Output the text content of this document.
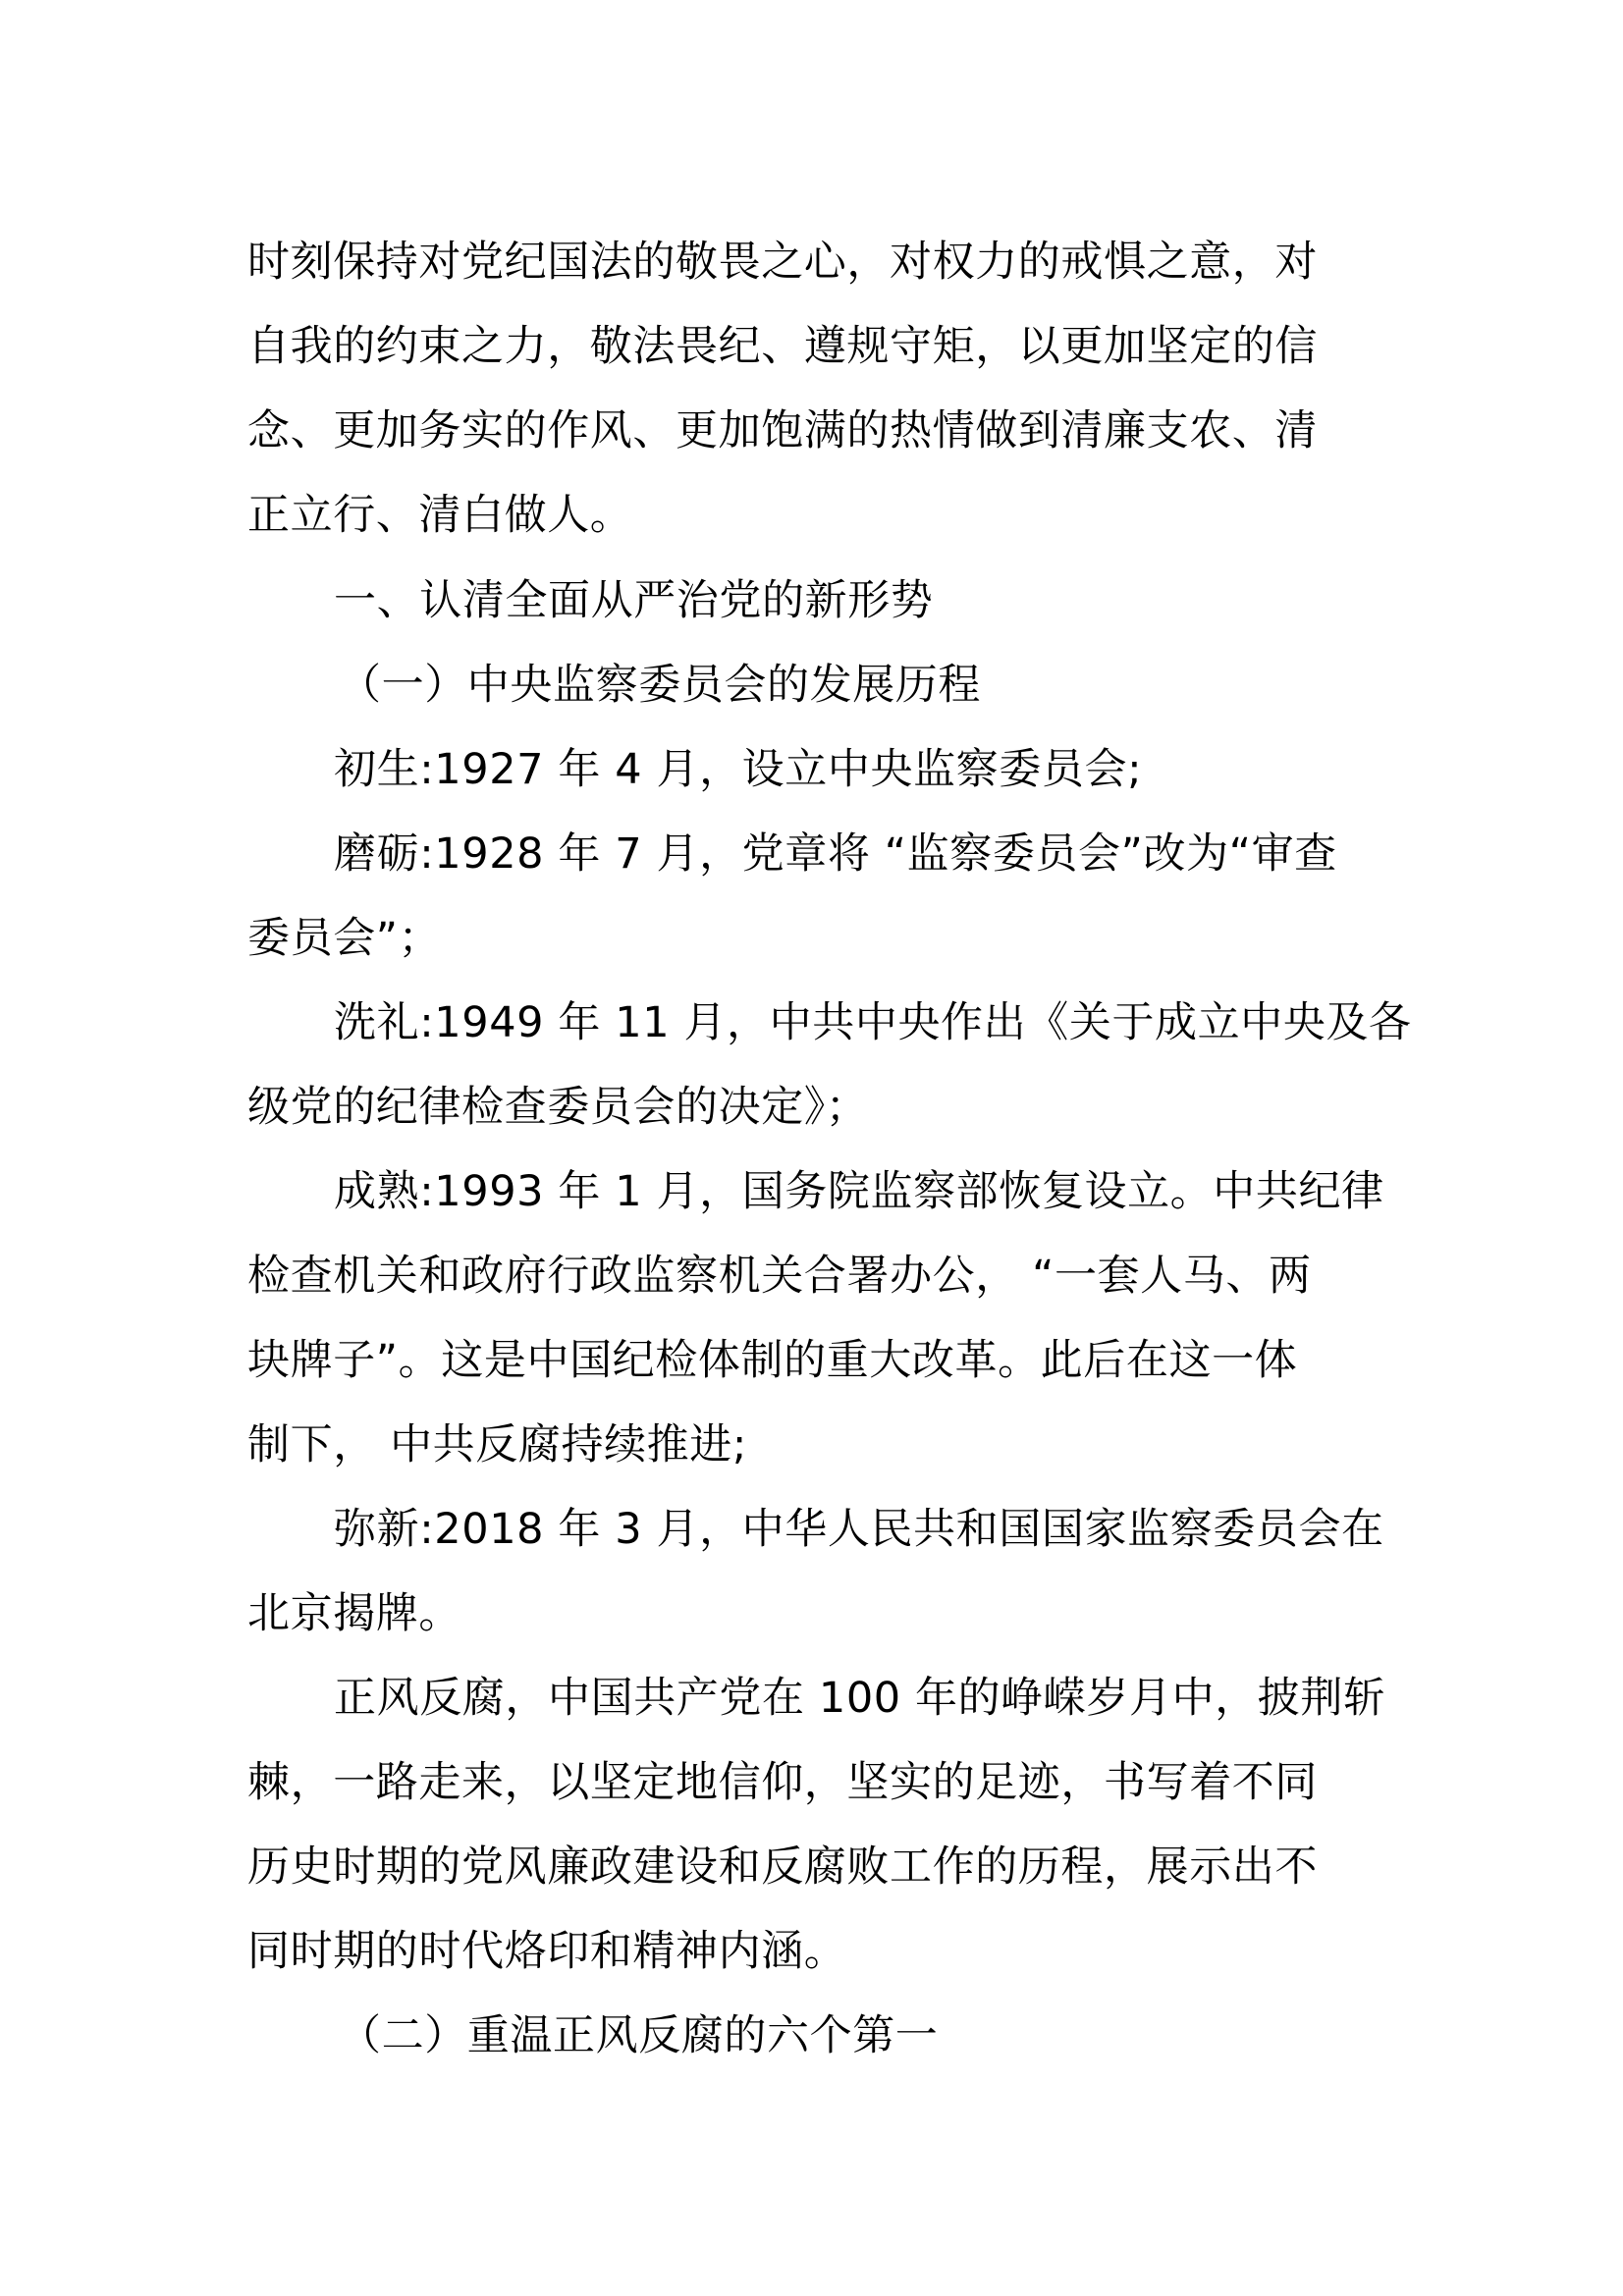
时刻保持对党纪国法的敬畏之心，对权力的戒惧之意，对
自我的约束之力，敬法畏纪、遵规守矩，以更加坚定的信
念、更加务实的作风、更加饱满的热情做到清廉支农、清
正立行、清白做人。
一、认清全面从严治党的新形势
（一）中央监察委员会的发展历程
初生:1927 年 4 月，设立中央监察委员会;
磨砺:1928 年 7 月，党章将 “监察委员会”改为“审查
委员会”；
洗礼:1949 年 11 月，中共中央作出《关于成立中央及各
级党的纪律检查委员会的决定》；
成熟:1993 年 1 月，国务院监察部恢复设立。中共纪律
检查机关和政府行政监察机关合署办公， “一套人马、两
块牌子”。这是中国纪检体制的重大改革。此后在这一体
制下， 中共反腐持续推进;
弥新:2018 年 3 月，中华人民共和国国家监察委员会在
北京揭牌。
正风反腐，中国共产党在 100 年的峥嵘岁月中，披荆斩
棘，一路走来，以坚定地信仰，坚实的足迹，书写着不同
历史时期的党风廉政建设和反腐败工作的历程，展示出不
同时期的时代烙印和精神内涵。
（二）重温正风反腐的六个第一
